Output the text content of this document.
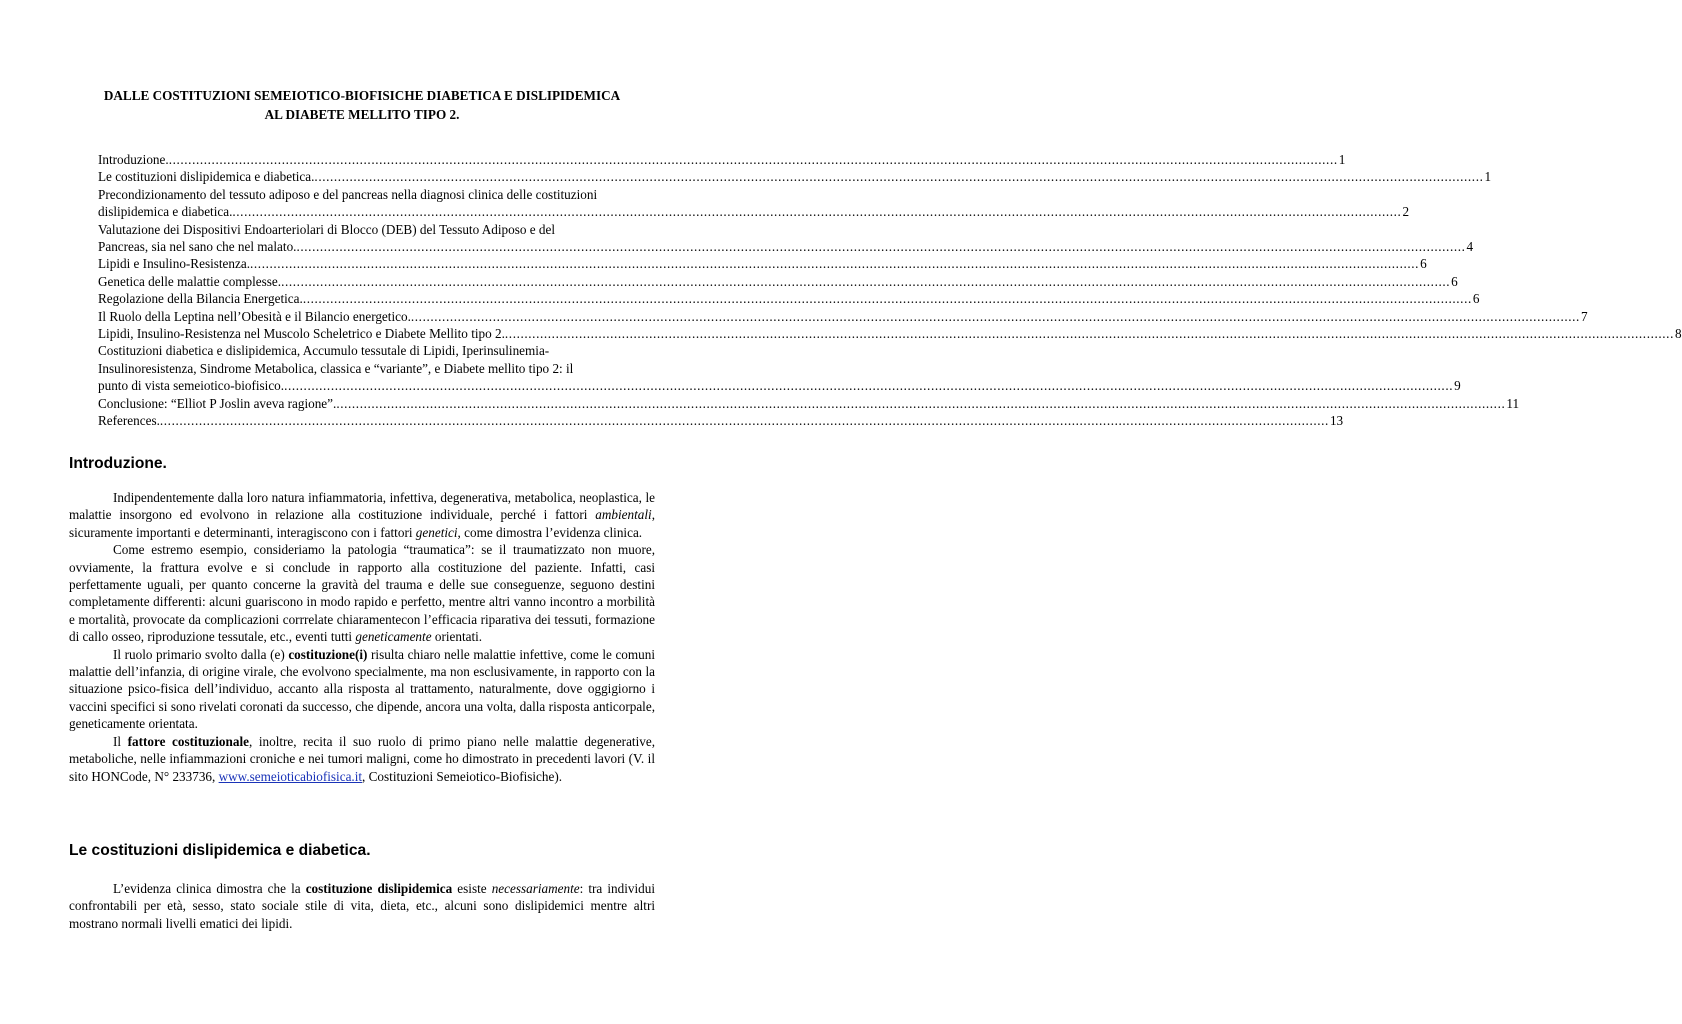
DALLE COSTITUZIONI SEMEIOTICO-BIOFISICHE DIABETICA E DISLIPIDEMICA
AL DIABETE MELLITO TIPO 2.
Introduzione. ............................................................................................................................................................................................................................................................................................................ 1
Le costituzioni dislipidemica e diabetica. ............................................................................................................................................................................................................................................................................................................ 1
Precondizionamento del tessuto adiposo e del pancreas nella diagnosi clinica delle costituzioni
dislipidemica e diabetica. ............................................................................................................................................................................................................................................................................................................ 2
Valutazione dei Dispositivi Endoarteriolari di Blocco (DEB) del Tessuto Adiposo e del
Pancreas, sia nel sano che nel malato. ............................................................................................................................................................................................................................................................................................................ 4
Lipidi e Insulino-Resistenza. ............................................................................................................................................................................................................................................................................................................ 6
Genetica delle malattie complesse. ............................................................................................................................................................................................................................................................................................................ 6
Regolazione della Bilancia Energetica. ............................................................................................................................................................................................................................................................................................................ 6
Il Ruolo della Leptina nell’Obesità e il Bilancio energetico. ............................................................................................................................................................................................................................................................................................................ 7
Lipidi, Insulino-Resistenza nel Muscolo Scheletrico e Diabete Mellito tipo 2. ............................................................................................................................................................................................................................................................................................................ 8
Costituzioni diabetica e dislipidemica, Accumulo tessutale di Lipidi, Iperinsulinemia-
Insulinoresistenza, Sindrome Metabolica, classica e “variante”, e Diabete mellito tipo 2: il
punto di vista semeiotico-biofisico. ............................................................................................................................................................................................................................................................................................................ 9
Conclusione: “Elliot P Joslin aveva ragione”. ............................................................................................................................................................................................................................................................................................................ 11
References. ............................................................................................................................................................................................................................................................................................................ 13
Introduzione.

Indipendentemente dalla loro natura infiammatoria, infettiva, degenerativa, metabolica, neoplastica, le malattie insorgono ed evolvono in relazione alla costituzione individuale, perché i fattori ambientali, sicuramente importanti e determinanti, interagiscono con i fattori genetici, come dimostra l’evidenza clinica.

Come estremo esempio, consideriamo la patologia “traumatica”: se il traumatizzato non muore, ovviamente, la frattura evolve e si conclude in rapporto alla costituzione del paziente. Infatti, casi perfettamente uguali, per quanto concerne la gravità del trauma e delle sue conseguenze, seguono destini completamente differenti: alcuni guariscono in modo rapido e perfetto, mentre altri vanno incontro a morbilità e mortalità, provocate da complicazioni corrrelate chiaramentecon l’efficacia riparativa dei tessuti, formazione di callo osseo, riproduzione tessutale, etc., eventi tutti geneticamente orientati.

Il ruolo primario svolto dalla (e) costituzione(i) risulta chiaro nelle malattie infettive, come le comuni malattie dell’infanzia, di origine virale, che evolvono specialmente, ma non esclusivamente, in rapporto con la situazione psico-fisica dell’individuo, accanto alla risposta al trattamento, naturalmente, dove oggigiorno i vaccini specifici si sono rivelati coronati da successo, che dipende, ancora una volta, dalla risposta anticorpale, geneticamente orientata.

Il fattore costituzionale, inoltre, recita il suo ruolo di primo piano nelle malattie degenerative, metaboliche, nelle infiammazioni croniche e nei tumori maligni, come ho dimostrato in precedenti lavori (V. il sito HONCode, N° 233736, www.semeioticabiofisica.it, Costituzioni Semeiotico-Biofisiche).

Le costituzioni dislipidemica e diabetica.

L’evidenza clinica dimostra che la costituzione dislipidemica esiste necessariamente: tra individui confrontabili per età, sesso, stato sociale stile di vita, dieta, etc., alcuni sono dislipidemici mentre altri mostrano normali livelli ematici dei lipidi.
